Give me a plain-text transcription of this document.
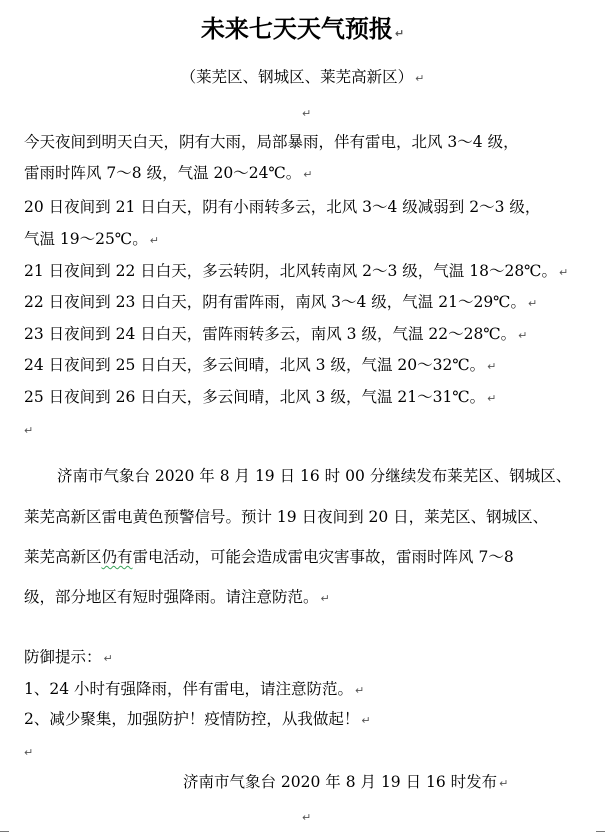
未来七天天气预报 ↵
（莱芜区、钢城区、莱芜高新区） ↵
↵
今天夜间到明天白天，阴有大雨，局部暴雨，伴有雷电，北风 3～4 级，
雷雨时阵风 7～8 级，气温 20～24℃。 ↵
20 日夜间到 21 日白天，阴有小雨转多云，北风 3～4 级减弱到 2～3 级，
气温 19～25℃。 ↵
21 日夜间到 22 日白天，多云转阴，北风转南风 2～3 级，气温 18～28℃。 ↵
22 日夜间到 23 日白天，阴有雷阵雨，南风 3～4 级，气温 21～29℃。 ↵
23 日夜间到 24 日白天，雷阵雨转多云，南风 3 级，气温 22～28℃。 ↵
24 日夜间到 25 日白天，多云间晴，北风 3 级，气温 20～32℃。 ↵
25 日夜间到 26 日白天，多云间晴，北风 3 级，气温 21～31℃。 ↵
↵
济南市气象台 2020 年 8 月 19 日 16 时 00 分继续发布莱芜区、钢城区、
莱芜高新区雷电黄色预警信号。预计 19 日夜间到 20 日，莱芜区、钢城区、
莱芜高新区仍有雷电活动，可能会造成雷电灾害事故，雷雨时阵风 7～8
级，部分地区有短时强降雨。请注意防范。 ↵
防御提示： ↵
1、24 小时有强降雨，伴有雷电，请注意防范。 ↵
2、减少聚集，加强防护！疫情防控，从我做起！ ↵
↵
济南市气象台 2020 年 8 月 19 日 16 时发布 ↵
↵
